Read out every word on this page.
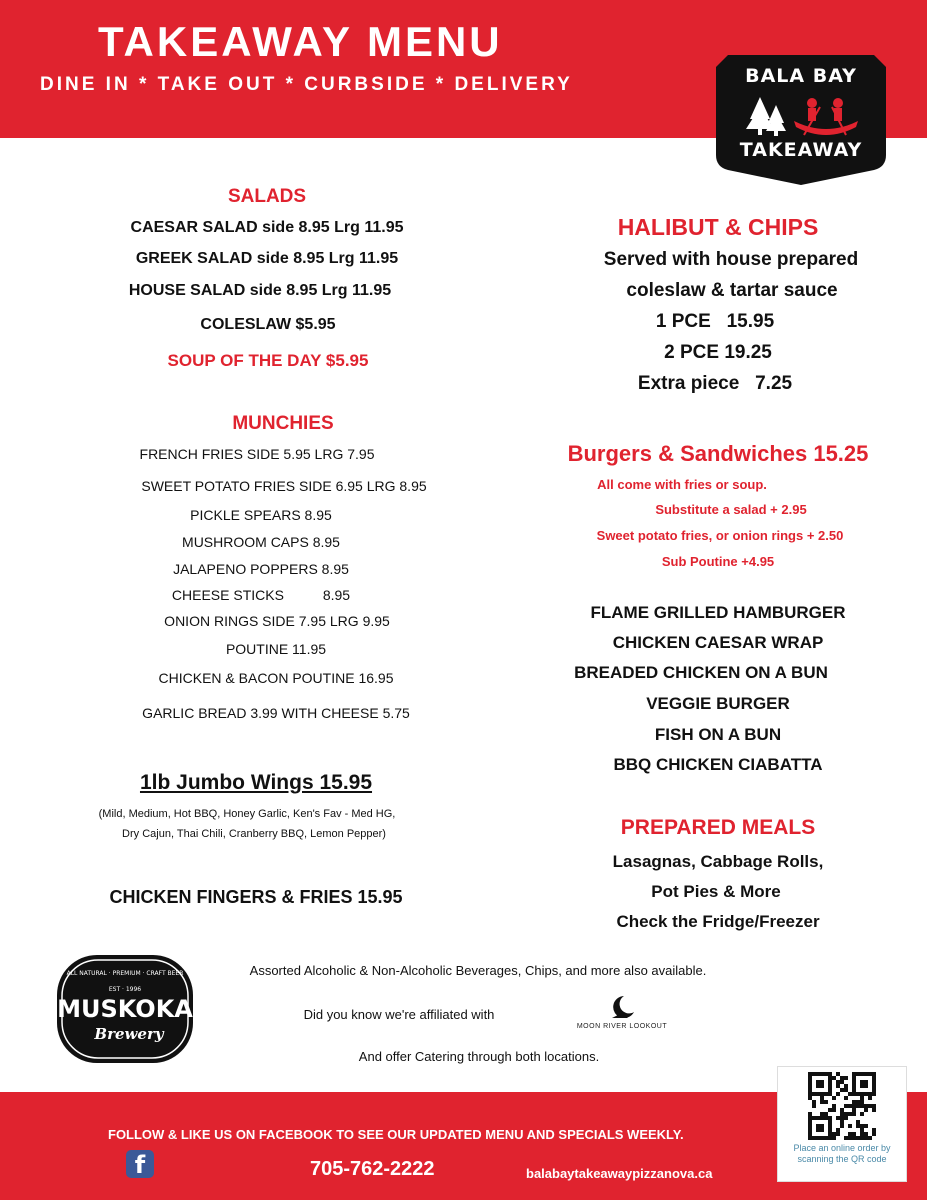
TAKEAWAY MENU
DINE IN * TAKE OUT * CURBSIDE * DELIVERY	BALA BAY
TAKEAWAY
SALADS
CAESAR SALAD side 8.95 Lrg 11.95
GREEK SALAD side 8.95 Lrg 11.95
HOUSE SALAD side 8.95 Lrg 11.95
COLESLAW $5.95
SOUP OF THE DAY $5.95
MUNCHIES
FRENCH FRIES SIDE 5.95 LRG 7.95
SWEET POTATO FRIES SIDE 6.95 LRG 8.95
PICKLE SPEARS 8.95
MUSHROOM CAPS 8.95
JALAPENO POPPERS 8.95
CHEESE STICKS          8.95
ONION RINGS SIDE 7.95 LRG 9.95
POUTINE 11.95
CHICKEN & BACON POUTINE 16.95
GARLIC BREAD 3.99 WITH CHEESE 5.75
1lb Jumbo Wings 15.95
(Mild, Medium, Hot BBQ, Honey Garlic, Ken's Fav - Med HG,
Dry Cajun, Thai Chili, Cranberry BBQ, Lemon Pepper)
CHICKEN FINGERS & FRIES 15.95
HALIBUT & CHIPS
Served with house prepared
coleslaw & tartar sauce
1 PCE   15.95
2 PCE 19.25
Extra piece   7.25
Burgers & Sandwiches 15.25
All come with fries or soup.
Substitute a salad + 2.95
Sweet potato fries, or onion rings + 2.50
Sub Poutine +4.95
FLAME GRILLED HAMBURGER
CHICKEN CAESAR WRAP
BREADED CHICKEN ON A BUN
VEGGIE BURGER
FISH ON A BUN
BBQ CHICKEN CIABATTA
PREPARED MEALS
Lasagnas, Cabbage Rolls,
Pot Pies & More
Check the Fridge/Freezer
ALL NATURAL · PREMIUM · CRAFT BEER
EST · 1996
MUSKOKA
Brewery
Assorted Alcoholic & Non-Alcoholic Beverages, Chips, and more also available.
Did you know we're affiliated with
MOON RIVER LOOKOUT
And offer Catering through both locations.
FOLLOW & LIKE US ON FACEBOOK TO SEE OUR UPDATED MENU AND SPECIALS WEEKLY.
f	705-762-2222	balabaytakeawaypizzanova.ca
Place an online order by scanning the QR code
